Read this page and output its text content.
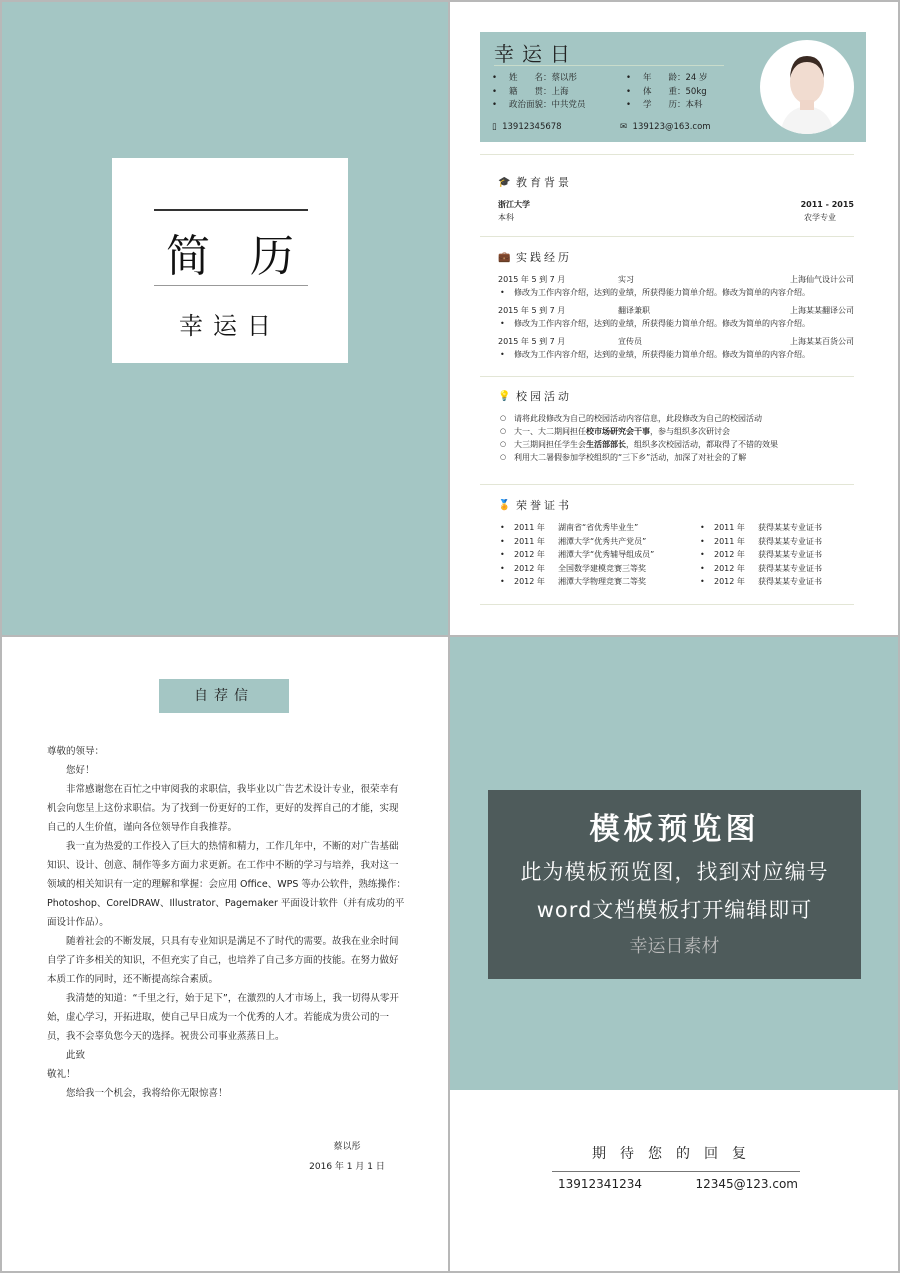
简历
幸运日
幸运日
• 姓　　名：蔡以彤
• 籍　　贯：上海
• 政治面貌：中共党员
• 年　　龄：24 岁
• 体　　重：50kg
• 学　　历：本科
▯ 13912345678	✉ 139123@163.com
🎓 教育背景
浙江大学	2011 - 2015
本科	农学专业
💼 实践经历
2015 年 5 到 7 月	实习	上海仙气设计公司
• 修改为工作内容介绍，达到的业绩，所获得能力简单介绍。修改为简单的内容介绍。
2015 年 5 到 7 月	翻译兼职	上海某某翻译公司
• 修改为工作内容介绍，达到的业绩，所获得能力简单介绍。修改为简单的内容介绍。
2015 年 5 到 7 月	宣传员	上海某某百货公司
• 修改为工作内容介绍，达到的业绩，所获得能力简单介绍。修改为简单的内容介绍。
💡 校园活动
○ 请将此段修改为自己的校园活动内容信息，此段修改为自己的校园活动
○ 大一、大二期间担任校市场研究会干事，参与组织多次研讨会
○ 大三期间担任学生会生活部部长，组织多次校园活动，都取得了不错的效果
○ 利用大二暑假参加学校组织的“三下乡”活动，加深了对社会的了解
🏅 荣誉证书
• 2011 年	湖南省“省优秀毕业生”
• 2011 年	湘潭大学“优秀共产党员”
• 2012 年	湘潭大学“优秀辅导组成员”
• 2012 年	全国数学建模竞赛三等奖
• 2012 年	湘潭大学物理竞赛二等奖
• 2011 年	获得某某专业证书
• 2011 年	获得某某专业证书
• 2012 年	获得某某专业证书
• 2012 年	获得某某专业证书
• 2012 年	获得某某专业证书
自荐信

尊敬的领导：

您好！

非常感谢您在百忙之中审阅我的求职信，我毕业以广告艺术设计专业，很荣幸有机会向您呈上这份求职信。为了找到一份更好的工作，更好的发挥自己的才能，实现自己的人生价值，谨向各位领导作自我推荐。

我一直为热爱的工作投入了巨大的热情和精力，工作几年中，不断的对广告基础知识、设计、创意、制作等多方面力求更新。在工作中不断的学习与培养，我对这一领域的相关知识有一定的理解和掌握：会应用 Office、WPS 等办公软件，熟练操作：Photoshop、CorelDRAW、Illustrator、Pagemaker 平面设计软件（并有成功的平面设计作品）。

随着社会的不断发展，只具有专业知识是满足不了时代的需要。故我在业余时间自学了许多相关的知识，不但充实了自己，也培养了自己多方面的技能。在努力做好本质工作的同时，还不断提高综合素质。

我清楚的知道：“千里之行，始于足下”，在激烈的人才市场上，我一切得从零开始，虚心学习，开拓进取，使自己早日成为一个优秀的人才。若能成为贵公司的一员，我不会辜负您今天的选择。祝贵公司事业蒸蒸日上。

此致

敬礼！

您给我一个机会，我将给你无限惊喜！

蔡以彤
2016 年 1 月 1 日
期待您的回复
13912341234	12345@123.com
模板预览图
此为模板预览图，找到对应编号
word文档模板打开编辑即可
幸运日素材
